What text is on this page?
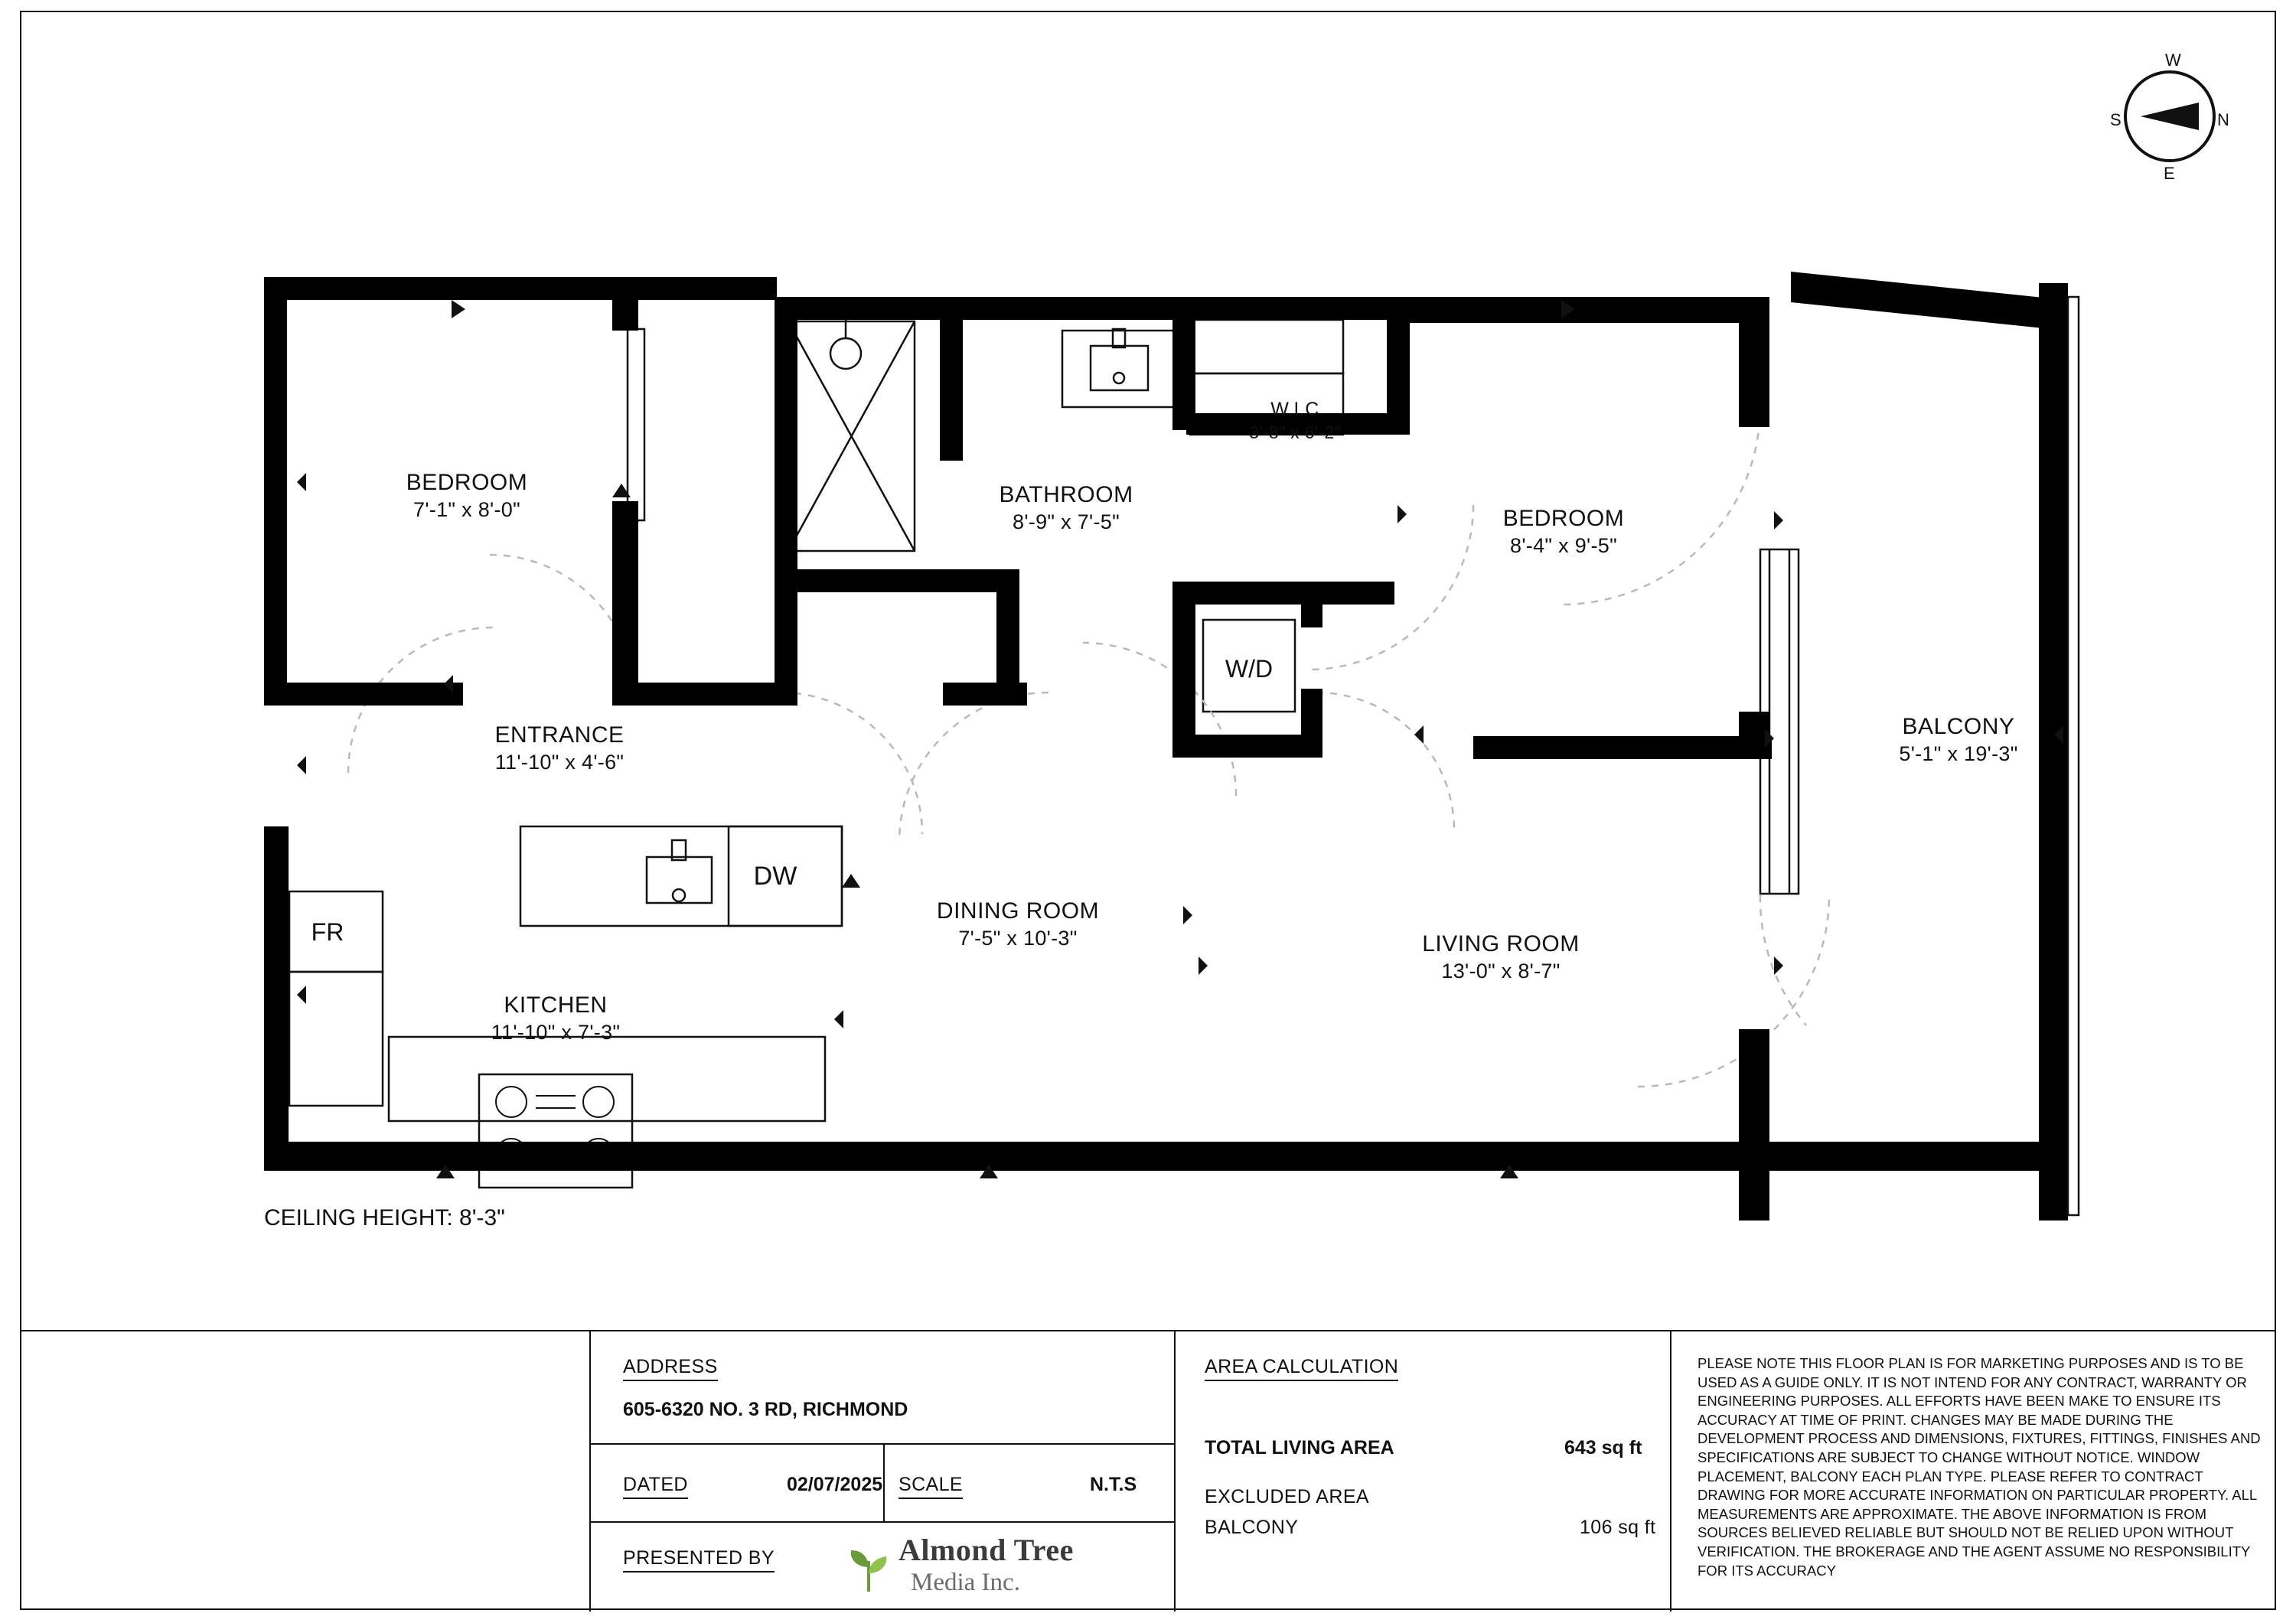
W
N
E
S
BEDROOM
7'-1" x 8'-0"
BATHROOM
8'-9" x 7'-5"
W.I.C
3'-8" x 6'-2"
BEDROOM
8'-4" x 9'-5"
BALCONY
5'-1" x 19'-3"
ENTRANCE
11'-10" x 4'-6"
DINING ROOM
7'-5" x 10'-3"	LIVING ROOM
13'-0" x 8'-7"
KITCHEN
11'-10" x 7'-3"
DW
FR
W/D
CEILING HEIGHT: 8'-3"
ADDRESS
605-6320 NO. 3 RD, RICHMOND
DATED	02/07/2025 SCALE	N.T.S
PRESENTED BY	Almond Tree
Media Inc.
AREA CALCULATION
TOTAL LIVING AREA	643 sq ft
EXCLUDED AREA
BALCONY	106 sq ft
PLEASE NOTE THIS FLOOR PLAN IS FOR MARKETING PURPOSES AND IS TO BE USED AS A GUIDE ONLY. IT IS NOT INTEND FOR ANY CONTRACT, WARRANTY OR ENGINEERING PURPOSES. ALL EFFORTS HAVE BEEN MAKE TO ENSURE ITS ACCURACY AT TIME OF PRINT. CHANGES MAY BE MADE DURING THE DEVELOPMENT PROCESS AND DIMENSIONS, FIXTURES, FITTINGS, FINISHES AND SPECIFICATIONS ARE SUBJECT TO CHANGE WITHOUT NOTICE. WINDOW PLACEMENT, BALCONY EACH PLAN TYPE. PLEASE REFER TO CONTRACT DRAWING FOR MORE ACCURATE INFORMATION ON PARTICULAR PROPERTY. ALL MEASUREMENTS ARE APPROXIMATE. THE ABOVE INFORMATION IS FROM SOURCES BELIEVED RELIABLE BUT SHOULD NOT BE RELIED UPON WITHOUT VERIFICATION. THE BROKERAGE AND THE AGENT ASSUME NO RESPONSIBILITY FOR ITS ACCURACY
